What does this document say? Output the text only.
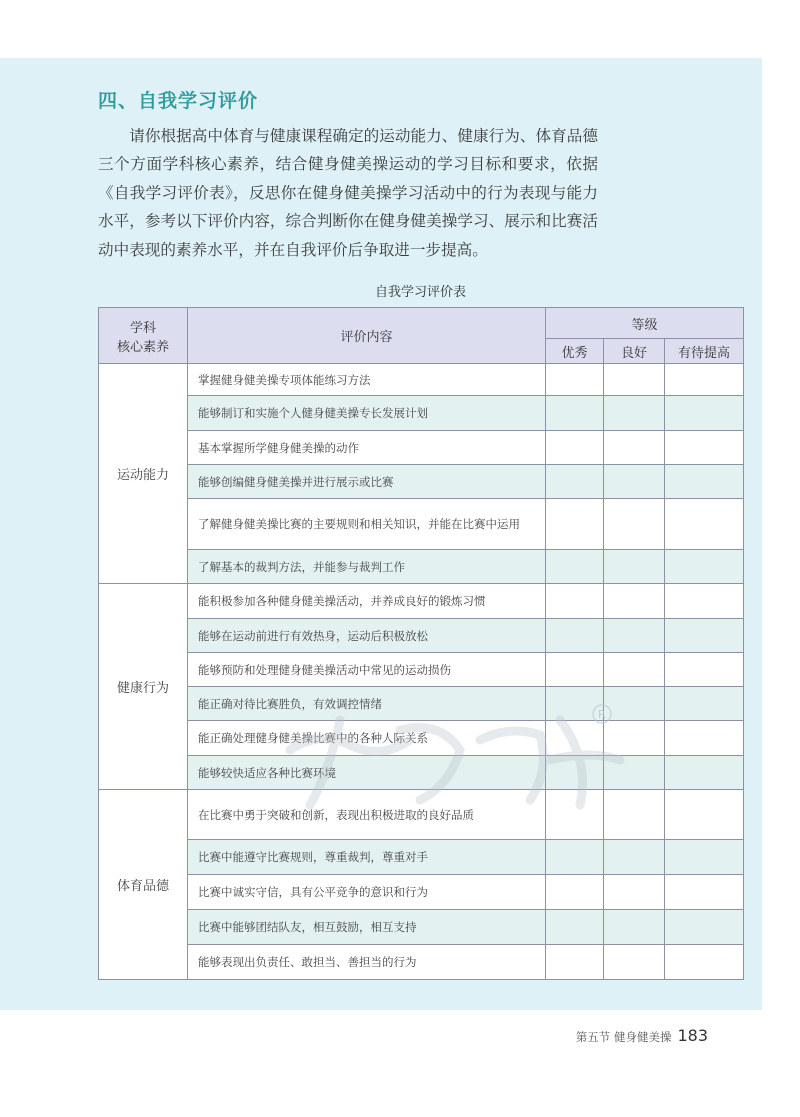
四、自我学习评价

请你根据高中体育与健康课程确定的运动能力、健康行为、体育品德三个方面学科核心素养，结合健身健美操运动的学习目标和要求，依据《自我学习评价表》，反思你在健身健美操学习活动中的行为表现与能力水平，参考以下评价内容，综合判断你在健身健美操学习、展示和比赛活动中表现的素养水平，并在自我评价后争取进一步提高。

自我学习评价表
学科
核心素养	评价内容	等级		
		优秀	良好	有待提高
运动能力	掌握健身健美操专项体能练习方法			
	能够制订和实施个人健身健美操专长发展计划			
	基本掌握所学健身健美操的动作			
	能够创编健身健美操并进行展示或比赛			
	了解健身健美操比赛的主要规则和相关知识，并能在比赛中运用			
	了解基本的裁判方法，并能参与裁判工作			
健康行为	能积极参加各种健身健美操活动，并养成良好的锻炼习惯			
	能够在运动前进行有效热身，运动后积极放松			
	能够预防和处理健身健美操活动中常见的运动损伤			
	能正确对待比赛胜负，有效调控情绪			
	能正确处理健身健美操比赛中的各种人际关系			
	能够较快适应各种比赛环境			
体育品德	在比赛中勇于突破和创新，表现出积极进取的良好品质			
	比赛中能遵守比赛规则，尊重裁判，尊重对手			
	比赛中诚实守信，具有公平竞争的意识和行为			
	比赛中能够团结队友，相互鼓励，相互支持			
	能够表现出负责任、敢担当、善担当的行为			
R
第五节 健身健美操 183
